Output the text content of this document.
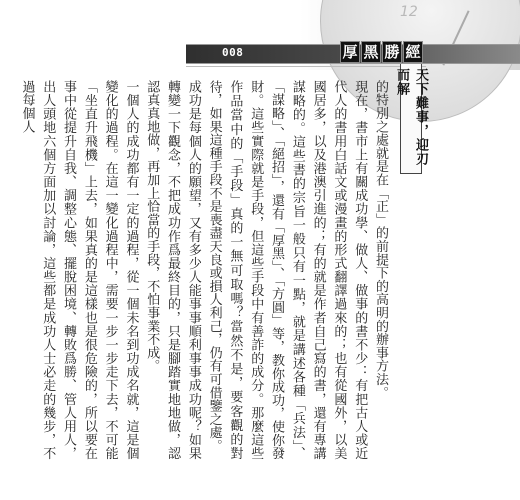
12
008	厚 黑 勝 經
天下難事，迎刃而解

的特別之處就是在「正」的前提下的高明的辦事方法。

現在，書市上有關成功學、做人、做事的書不少：有把古人或近代人的書用白話文或漫畫的形式翻譯過來的；也有從國外，以美國居多，以及港澳引進的；有的就是作者自己寫的書，還有專講謀略的。這些書的宗旨一般只有一點，就是講述各種「兵法」、「謀略」、「絕招」，還有「厚黑」、「方圓」等，教你成功，使你發財。這些實際就是手段，但這些手段中有善詐的成分。那麼這些作品當中的「手段」真的一無可取嗎？當然不是，要客觀的對待，如果這種手段不是喪盡天良或損人利己，仍有可借鑒之處。

成功是每個人的願望，又有多少人能事事順利事事成功呢？如果轉變一下觀念，不把成功作爲最終目的，只是腳踏實地地做，認認真真地做，再加上恰當的手段，不怕事業不成。

一個人的成功都有一定的過程，從一個未名到功成名就，這是個變化的過程。在這一變化過程中，需要一步一步走下去，不可能「坐直升飛機」上去，如果真的是這樣也是很危險的，所以要在事中從提升自我、調整心態、擺脫困境、轉敗爲勝、管人用人，出人頭地六個方面加以討論，這些都是成功人士必走的幾步，不過每個人
